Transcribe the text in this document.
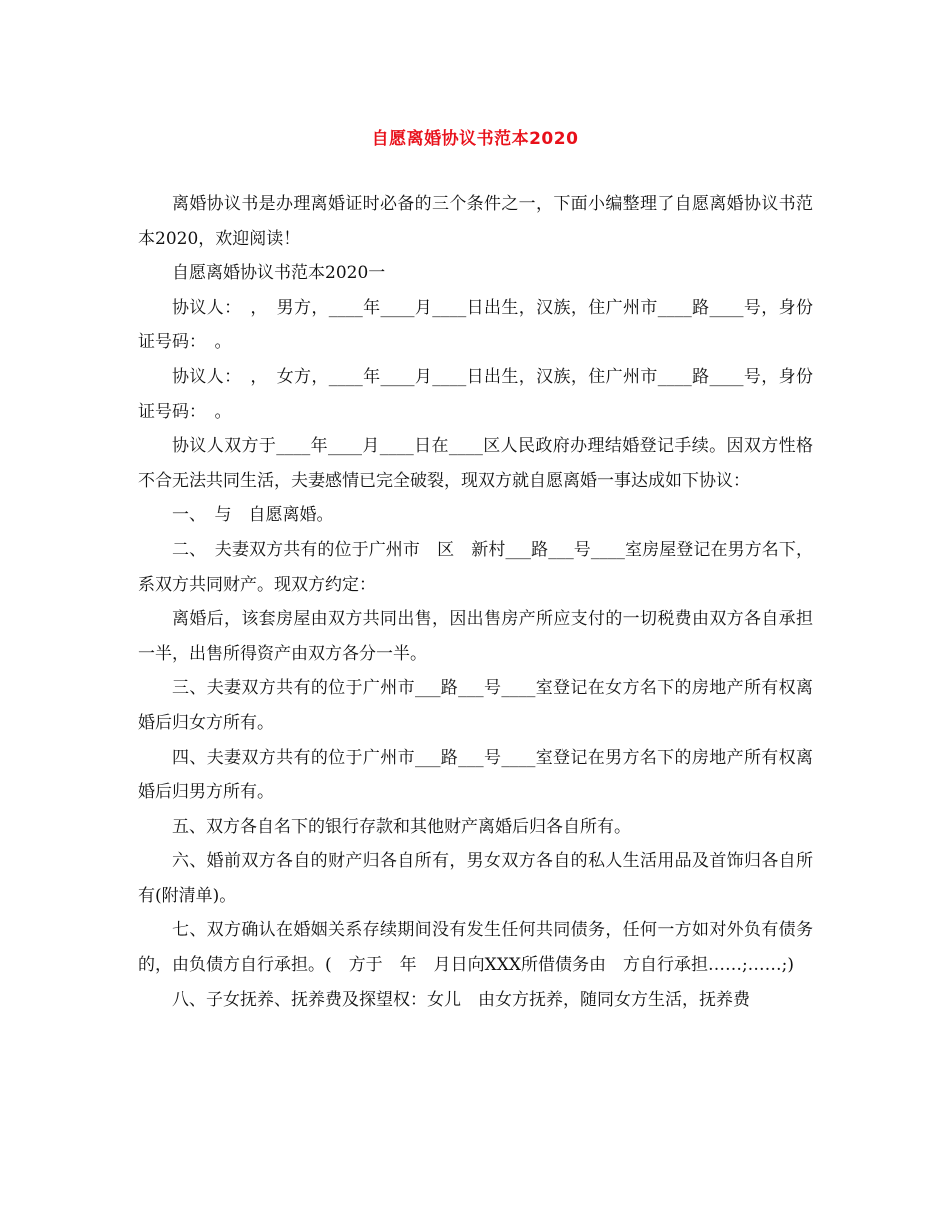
自愿离婚协议书范本2020

离婚协议书是办理离婚证时必备的三个条件之一，下面小编整理了自愿离婚协议书范本2020，欢迎阅读！

自愿离婚协议书范本2020一

协议人：　，　男方，____年____月____日出生，汉族，住广州市____路____号，身份证号码：　。

协议人：　，　女方，____年____月____日出生，汉族，住广州市____路____号，身份证号码：　。

协议人双方于____年____月____日在____区人民政府办理结婚登记手续。因双方性格不合无法共同生活，夫妻感情已完全破裂，现双方就自愿离婚一事达成如下协议：

一、　与　自愿离婚。

二、　夫妻双方共有的位于广州市　区　新村___路___号____室房屋登记在男方名下，系双方共同财产。现双方约定：

离婚后，该套房屋由双方共同出售，因出售房产所应支付的一切税费由双方各自承担一半，出售所得资产由双方各分一半。

三、夫妻双方共有的位于广州市___路___号____室登记在女方名下的房地产所有权离婚后归女方所有。

四、夫妻双方共有的位于广州市___路___号____室登记在男方名下的房地产所有权离婚后归男方所有。

五、双方各自名下的银行存款和其他财产离婚后归各自所有。

六、婚前双方各自的财产归各自所有，男女双方各自的私人生活用品及首饰归各自所有(附清单)。

七、双方确认在婚姻关系存续期间没有发生任何共同债务，任何一方如对外负有债务的，由负债方自行承担。(　方于　年　月日向XXX所借债务由　方自行承担……;……;)

八、子女抚养、抚养费及探望权：女儿　由女方抚养，随同女方生活，抚养费
